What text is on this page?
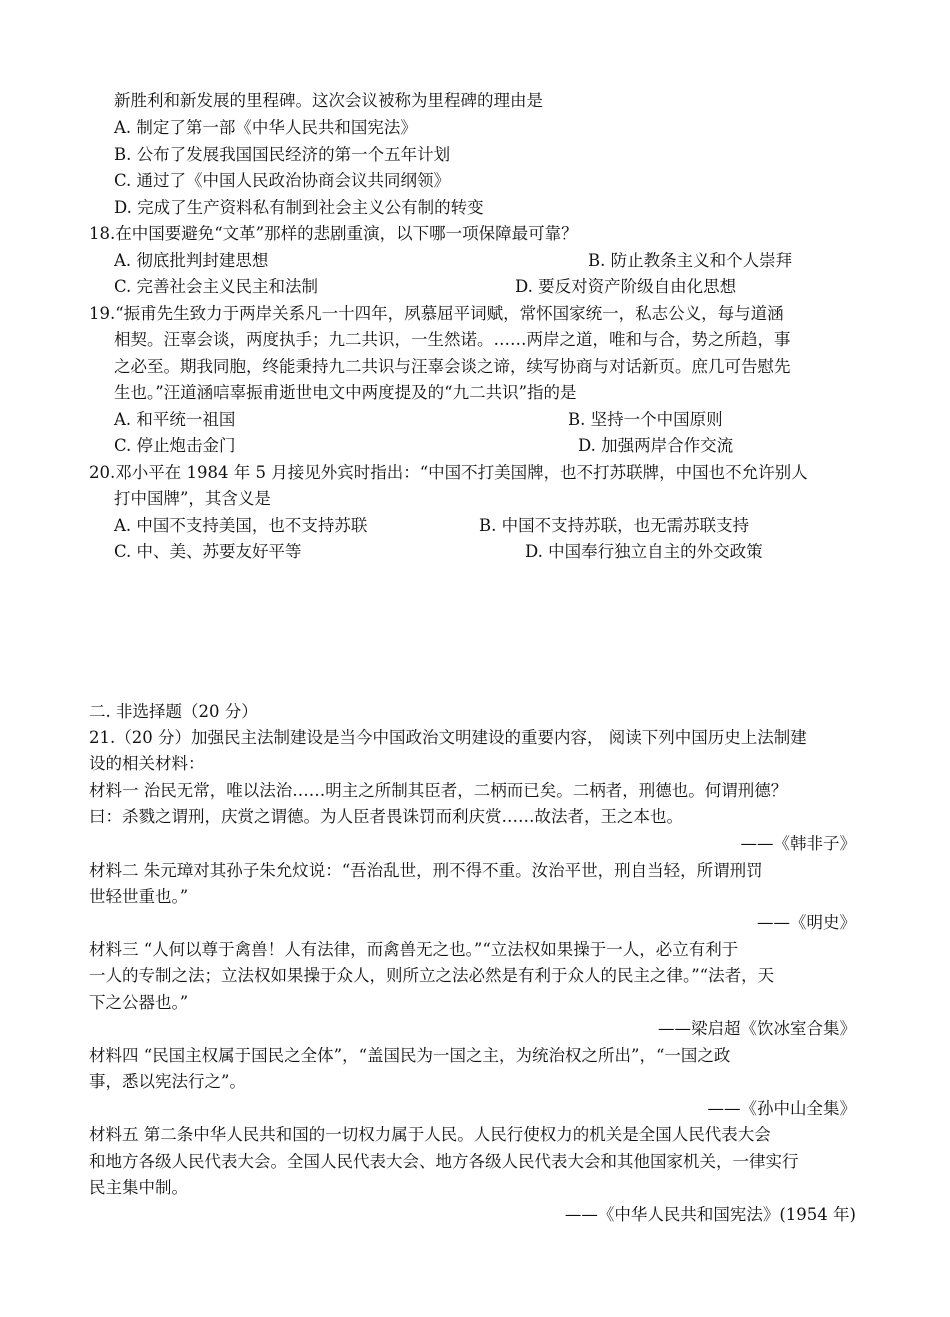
新胜利和新发展的里程碑。这次会议被称为里程碑的理由是
A. 制定了第一部《中华人民共和国宪法》
B. 公布了发展我国国民经济的第一个五年计划
C. 通过了《中国人民政治协商会议共同纲领》
D. 完成了生产资料私有制到社会主义公有制的转变
18.在中国要避免“文革”那样的悲剧重演，以下哪一项保障最可靠？
A. 彻底批判封建思想	B. 防止教条主义和个人崇拜
C. 完善社会主义民主和法制	D. 要反对资产阶级自由化思想
19.“振甫先生致力于两岸关系凡一十四年，夙慕屈平词赋，常怀国家统一，私志公义，每与道涵
相契。汪辜会谈，两度执手；九二共识，一生然诺。……两岸之道，唯和与合，势之所趋，事
之必至。期我同胞，终能秉持九二共识与汪辜会谈之谛，续写协商与对话新页。庶几可告慰先
生也。”汪道涵唁辜振甫逝世电文中两度提及的“九二共识”指的是
A. 和平统一祖国	B. 坚持一个中国原则
C. 停止炮击金门	D. 加强两岸合作交流
20.邓小平在 1984 年 5 月接见外宾时指出：“中国不打美国牌，也不打苏联牌，中国也不允许别人
打中国牌”，其含义是
A. 中国不支持美国，也不支持苏联	B. 中国不支持苏联，也无需苏联支持
C. 中、美、苏要友好平等	D. 中国奉行独立自主的外交政策
二. 非选择题（20 分）
21.（20 分）加强民主法制建设是当今中国政治文明建设的重要内容， 阅读下列中国历史上法制建
设的相关材料：
材料一 治民无常，唯以法治……明主之所制其臣者，二柄而已矣。二柄者，刑德也。何谓刑德？
曰：杀戮之谓刑，庆赏之谓德。为人臣者畏诛罚而利庆赏……故法者，王之本也。
——《韩非子》
材料二 朱元璋对其孙子朱允炆说：“吾治乱世，刑不得不重。汝治平世，刑自当轻，所谓刑罚
世轻世重也。”
——《明史》
材料三 “人何以尊于禽兽！人有法律，而禽兽无之也。”“立法权如果操于一人，必立有利于
一人的专制之法；立法权如果操于众人，则所立之法必然是有利于众人的民主之律。”“法者，天
下之公器也。”
——梁启超《饮冰室合集》
材料四 “民国主权属于国民之全体”，“盖国民为一国之主，为统治权之所出”，“一国之政
事，悉以宪法行之”。
——《孙中山全集》
材料五 第二条中华人民共和国的一切权力属于人民。人民行使权力的机关是全国人民代表大会
和地方各级人民代表大会。全国人民代表大会、地方各级人民代表大会和其他国家机关，一律实行
民主集中制。
——《中华人民共和国宪法》(1954 年)
